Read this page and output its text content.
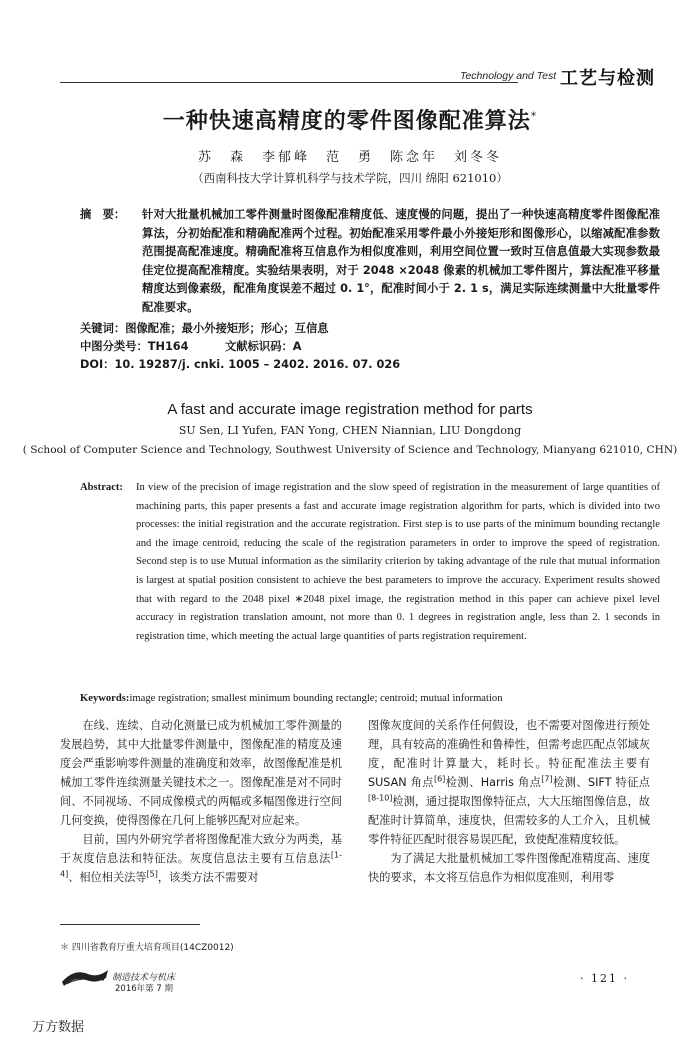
Technology and Test 工艺与检测
一种快速高精度的零件图像配准算法*
苏　森　李郁峰　范　勇　陈念年　刘冬冬
（西南科技大学计算机科学与技术学院，四川 绵阳 621010）
摘　要： 针对大批量机械加工零件测量时图像配准精度低、速度慢的问题，提出了一种快速高精度零件图像配准算法，分初始配准和精确配准两个过程。初始配准采用零件最小外接矩形和图像形心，以缩减配准参数范围提高配准速度。精确配准将互信息作为相似度准则，利用空间位置一致时互信息值最大实现参数最佳定位提高配准精度。实验结果表明，对于 2048 ×2048 像素的机械加工零件图片，算法配准平移量精度达到像素级，配准角度误差不超过 0. 1°，配准时间小于 2. 1 s，满足实际连续测量中大批量零件配准要求。
关键词：图像配准；最小外接矩形；形心；互信息
中图分类号：TH164	文献标识码：A
DOI：10. 19287/j. cnki. 1005 – 2402. 2016. 07. 026
A fast and accurate image registration method for parts
SU Sen, LI Yufen, FAN Yong, CHEN Niannian, LIU Dongdong
( School of Computer Science and Technology, Southwest University of Science and Technology, Mianyang 621010, CHN)
Abstract: In view of the precision of image registration and the slow speed of registration in the measurement of large quantities of machining parts, this paper presents a fast and accurate image registration algorithm for parts, which is divided into two processes: the initial registration and the accurate registration. First step is to use parts of the minimum bounding rectangle and the image centroid, reducing the scale of the registration parameters in order to improve the speed of registration. Second step is to use Mutual information as the similarity criterion by taking advantage of the rule that mutual information is largest at spatial position consistent to achieve the best parameters to improve the accuracy. Experiment results showed that with regard to the 2048 pixel ∗2048 pixel image, the registration method in this paper can achieve pixel level accuracy in registration translation amount, not more than 0. 1 degrees in registration angle, less than 2. 1 seconds in registration time, which meeting the actual large quantities of parts registration requirement.
Keywords:image registration; smallest minimum bounding rectangle; centroid; mutual information

在线、连续、自动化测量已成为机械加工零件测量的发展趋势，其中大批量零件测量中，图像配准的精度及速度会严重影响零件测量的准确度和效率，故图像配准是机械加工零件连续测量关键技术之一。图像配准是对不同时间、不同视场、不同成像模式的两幅或多幅图像进行空间几何变换，使得图像在几何上能够匹配对应起来。

目前，国内外研究学者将图像配准大致分为两类，基于灰度信息法和特征法。灰度信息法主要有互信息法[1-4]、相位相关法等[5]，该类方法不需要对

图像灰度间的关系作任何假设，也不需要对图像进行预处理，具有较高的准确性和鲁棒性，但需考虑匹配点邻域灰度，配准时计算量大，耗时长。特征配准法主要有 SUSAN 角点[6]检测、Harris 角点[7]检测、SIFT 特征点[8-10]检测，通过提取图像特征点，大大压缩图像信息，故配准时计算简单，速度快，但需较多的人工介入，且机械零件特征匹配时很容易误匹配，致使配准精度较低。

为了满足大批量机械加工零件图像配准精度高、速度快的要求，本文将互信息作为相似度准则，利用零

＊ 四川省教育厅重大培育项目(14CZ0012)
制造技术与机床
2016年第 7 期
· 121 ·
万方数据
